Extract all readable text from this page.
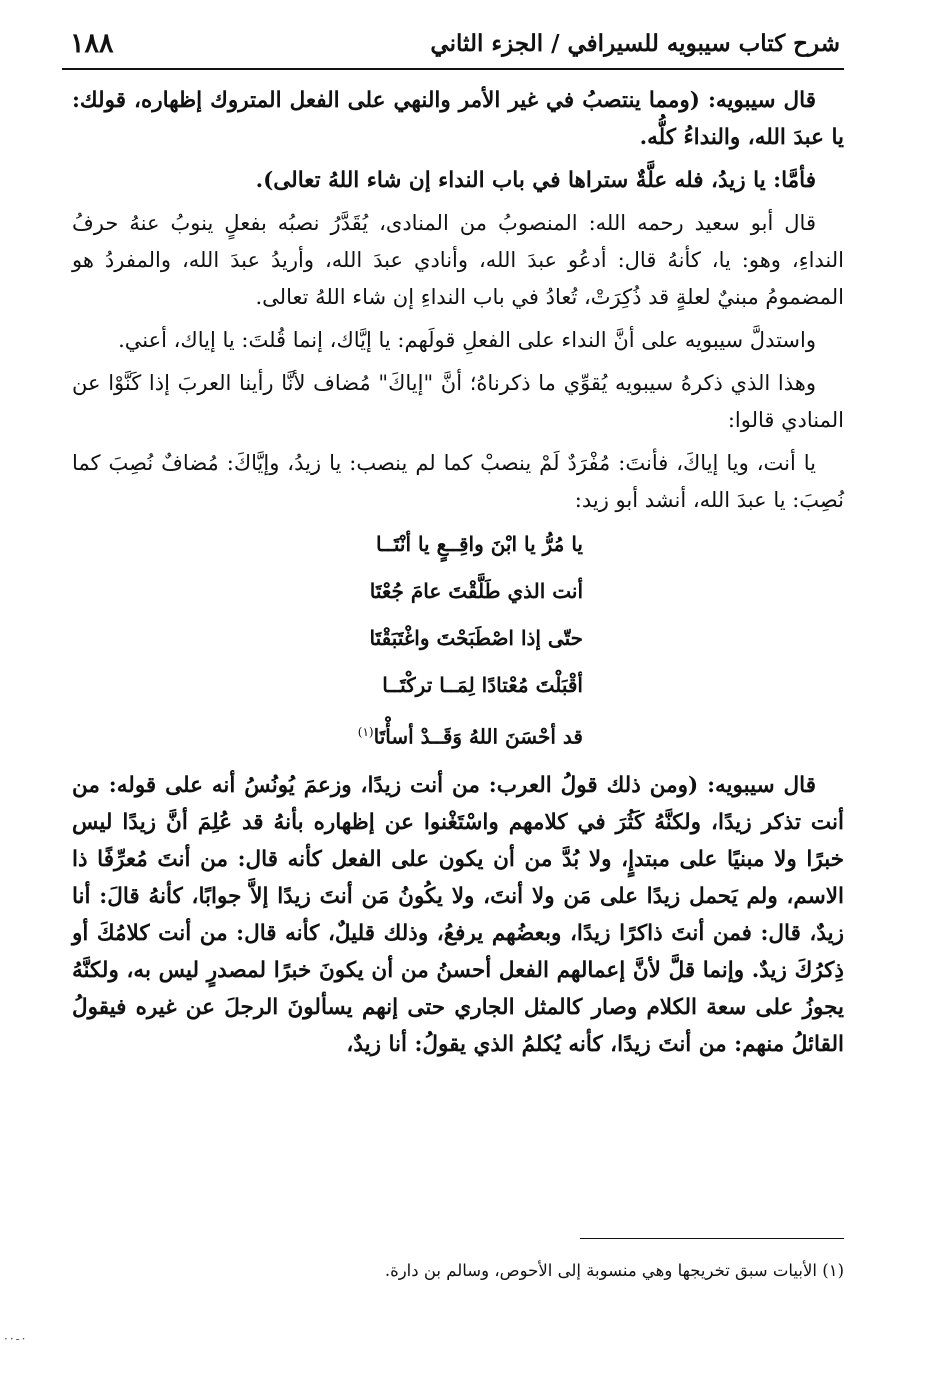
شرح كتاب سيبويه للسيرافي / الجزء الثاني
١٨٨

قال سيبويه: (ومما ينتصبُ في غير الأمر والنهي على الفعل المتروك إظهاره، قولك: يا عبدَ الله، والنداءُ كلُّه.

فأمَّا: يا زيدُ، فله علَّةٌ ستراها في باب النداء إن شاء اللهُ تعالى).

قال أبو سعيد رحمه الله: المنصوبُ من المنادى، يُقَدَّرُ نصبُه بفعلٍ ينوبُ عنهُ حرفُ النداءِ، وهو: يا، كأنهُ قال: أدعُو عبدَ الله، وأنادي عبدَ الله، وأريدُ عبدَ الله، والمفردُ هو المضمومُ مبنيٌ لعلةٍ قد ذُكِرَتْ، تُعادُ في باب النداءِ إن شاء اللهُ تعالى.

واستدلَّ سيبويه على أنَّ النداء على الفعلِ قولَهم: يا إيَّاك، إنما قُلتَ: يا إياك، أعني.

وهذا الذي ذكرهُ سيبويه يُقوِّي ما ذكرناهُ؛ أنَّ "إياكَ" مُضاف لأنَّا رأينا العربَ إذا كَنَّوْا عن المنادي قالوا:

يا أنت، ويا إياكَ، فأنتَ: مُفْرَدٌ لَمْ ينصبْ كما لم ينصب: يا زيدُ، وإيَّاكَ: مُضافٌ نُصِبَ كما نُصِبَ: يا عبدَ الله، أنشد أبو زيد:

يا مُرُّ يا ابْنَ واقِــعٍ يا أنْتَــا
أنت الذي طَلَّقْتَ عامَ جُعْتَا
حتّى إذا اصْطَبَحْتَ واغْتَبَقْتَا
أقْبَلْتَ مُعْتادًا لِمَــا تركْتَــا
قد أحْسَنَ اللهُ وَقَــدْ أسأْتَا$^{(١)}$

قال سيبويه: (ومن ذلك قولُ العرب: من أنت زيدًا، وزعمَ يُونُسُ أنه على قوله: من أنت تذكر زيدًا، ولكنَّهُ كَثُرَ في كلامهم واسْتَغْنوا عن إظهاره بأنهُ قد عُلِمَ أنَّ زيدًا ليس خبرًا ولا مبنيًا على مبتدإٍ، ولا بُدَّ من أن يكون على الفعل كأنه قال: من أنتَ مُعرِّفًا ذا الاسم، ولم يَحمل زيدًا على مَن ولا أنتَ، ولا يكُونُ مَن أنتَ زيدًا إلاَّ جوابًا، كأنهُ قالَ: أنا زيدٌ، قال: فمن أنتَ ذاكرًا زيدًا، وبعضُهم يرفعُ، وذلك قليلٌ، كأنه قال: من أنت كلامُكَ أو ذِكرُكَ زيدٌ. وإنما قلَّ لأنَّ إعمالهم الفعل أحسنُ من أن يكونَ خبرًا لمصدرٍ ليس به، ولكنَّهُ يجوزُ على سعة الكلام وصار كالمثل الجاري حتى إنهم يسألونَ الرجلَ عن غيره فيقولُ القائلُ منهم: من أنتَ زيدًا، كأنه يُكلمُ الذي يقولُ: أنا زيدٌ،

(١) الأبيات سبق تخريجها وهي منسوبة إلى الأحوص، وسالم بن دارة.
··-·
